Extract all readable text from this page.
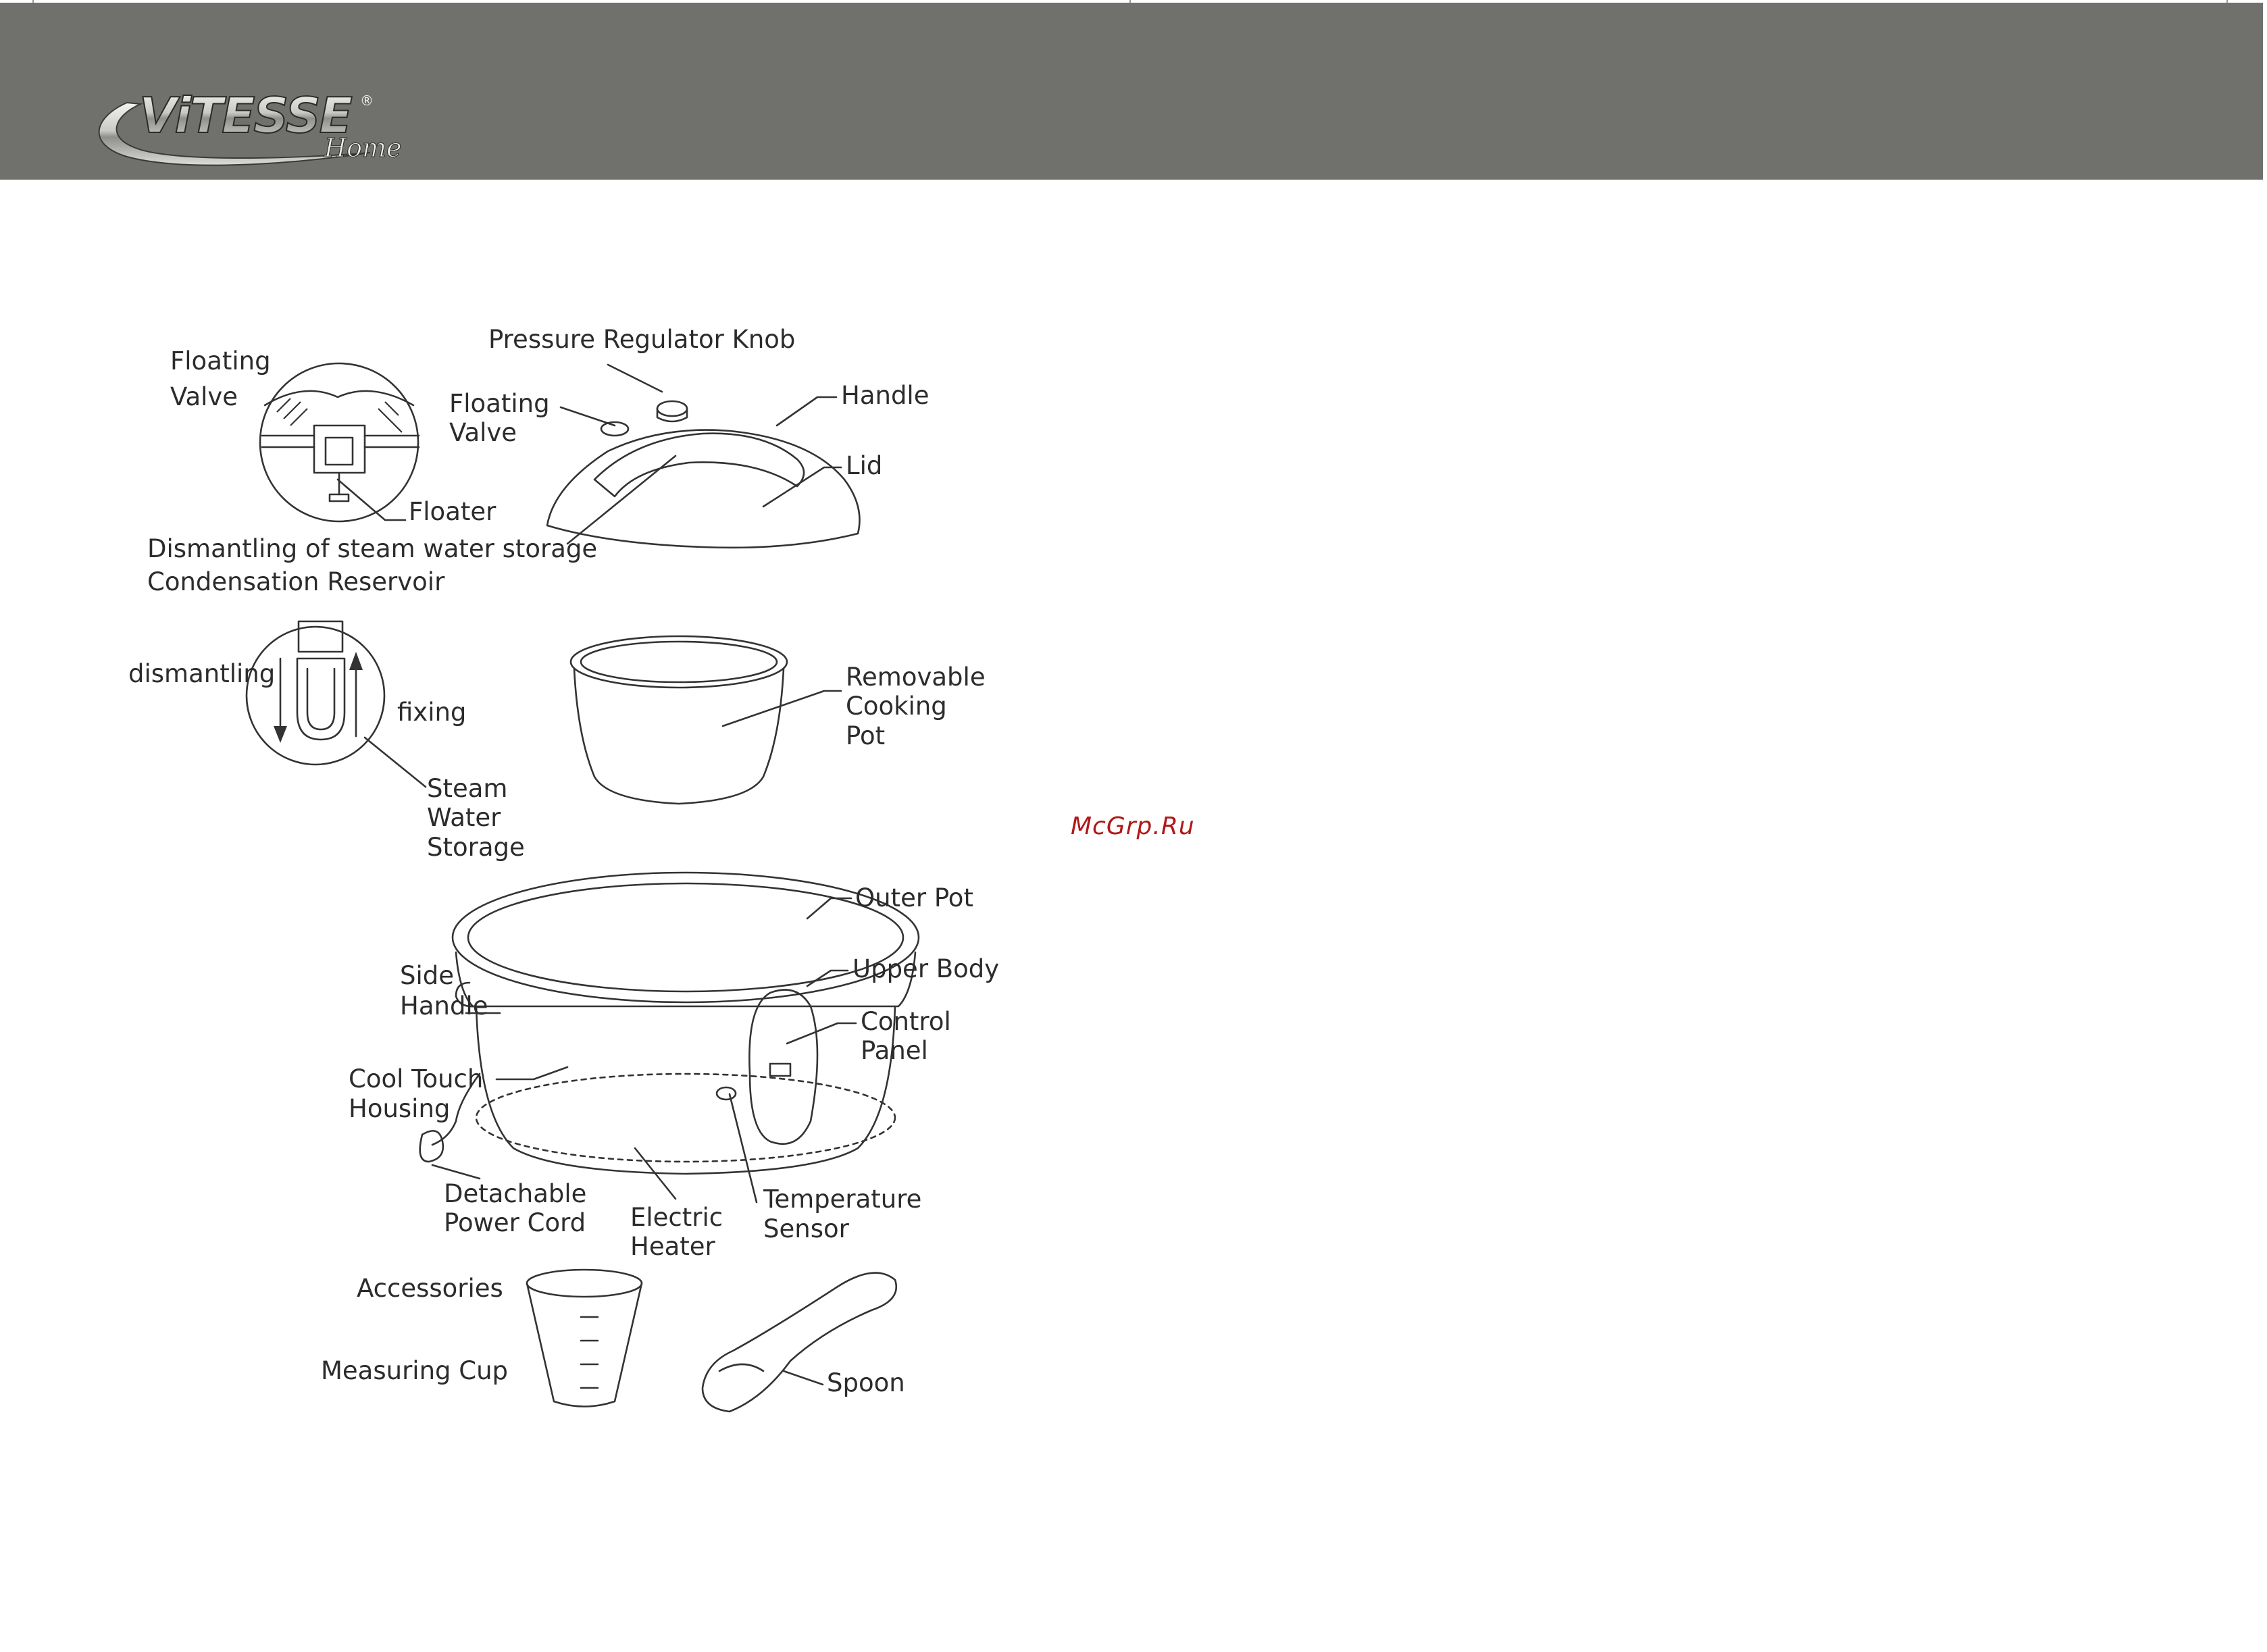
ViTESSE ®
Home
McGrp.Ru
Floating
Valve
Floater
Pressure Regulator Knob
Floating
Valve
Handle
Lid
Dismantling of steam water storage
Condensation Reservoir
dismantling
fixing
Steam
Water
Storage
Removable
Cooking
Pot
Outer Pot
Upper Body
Control
Panel
Side
Handle
Cool Touch
Housing
Detachable
Power Cord Electric
Heater
Temperature
Sensor
Accessories
Measuring Cup	Spoon
